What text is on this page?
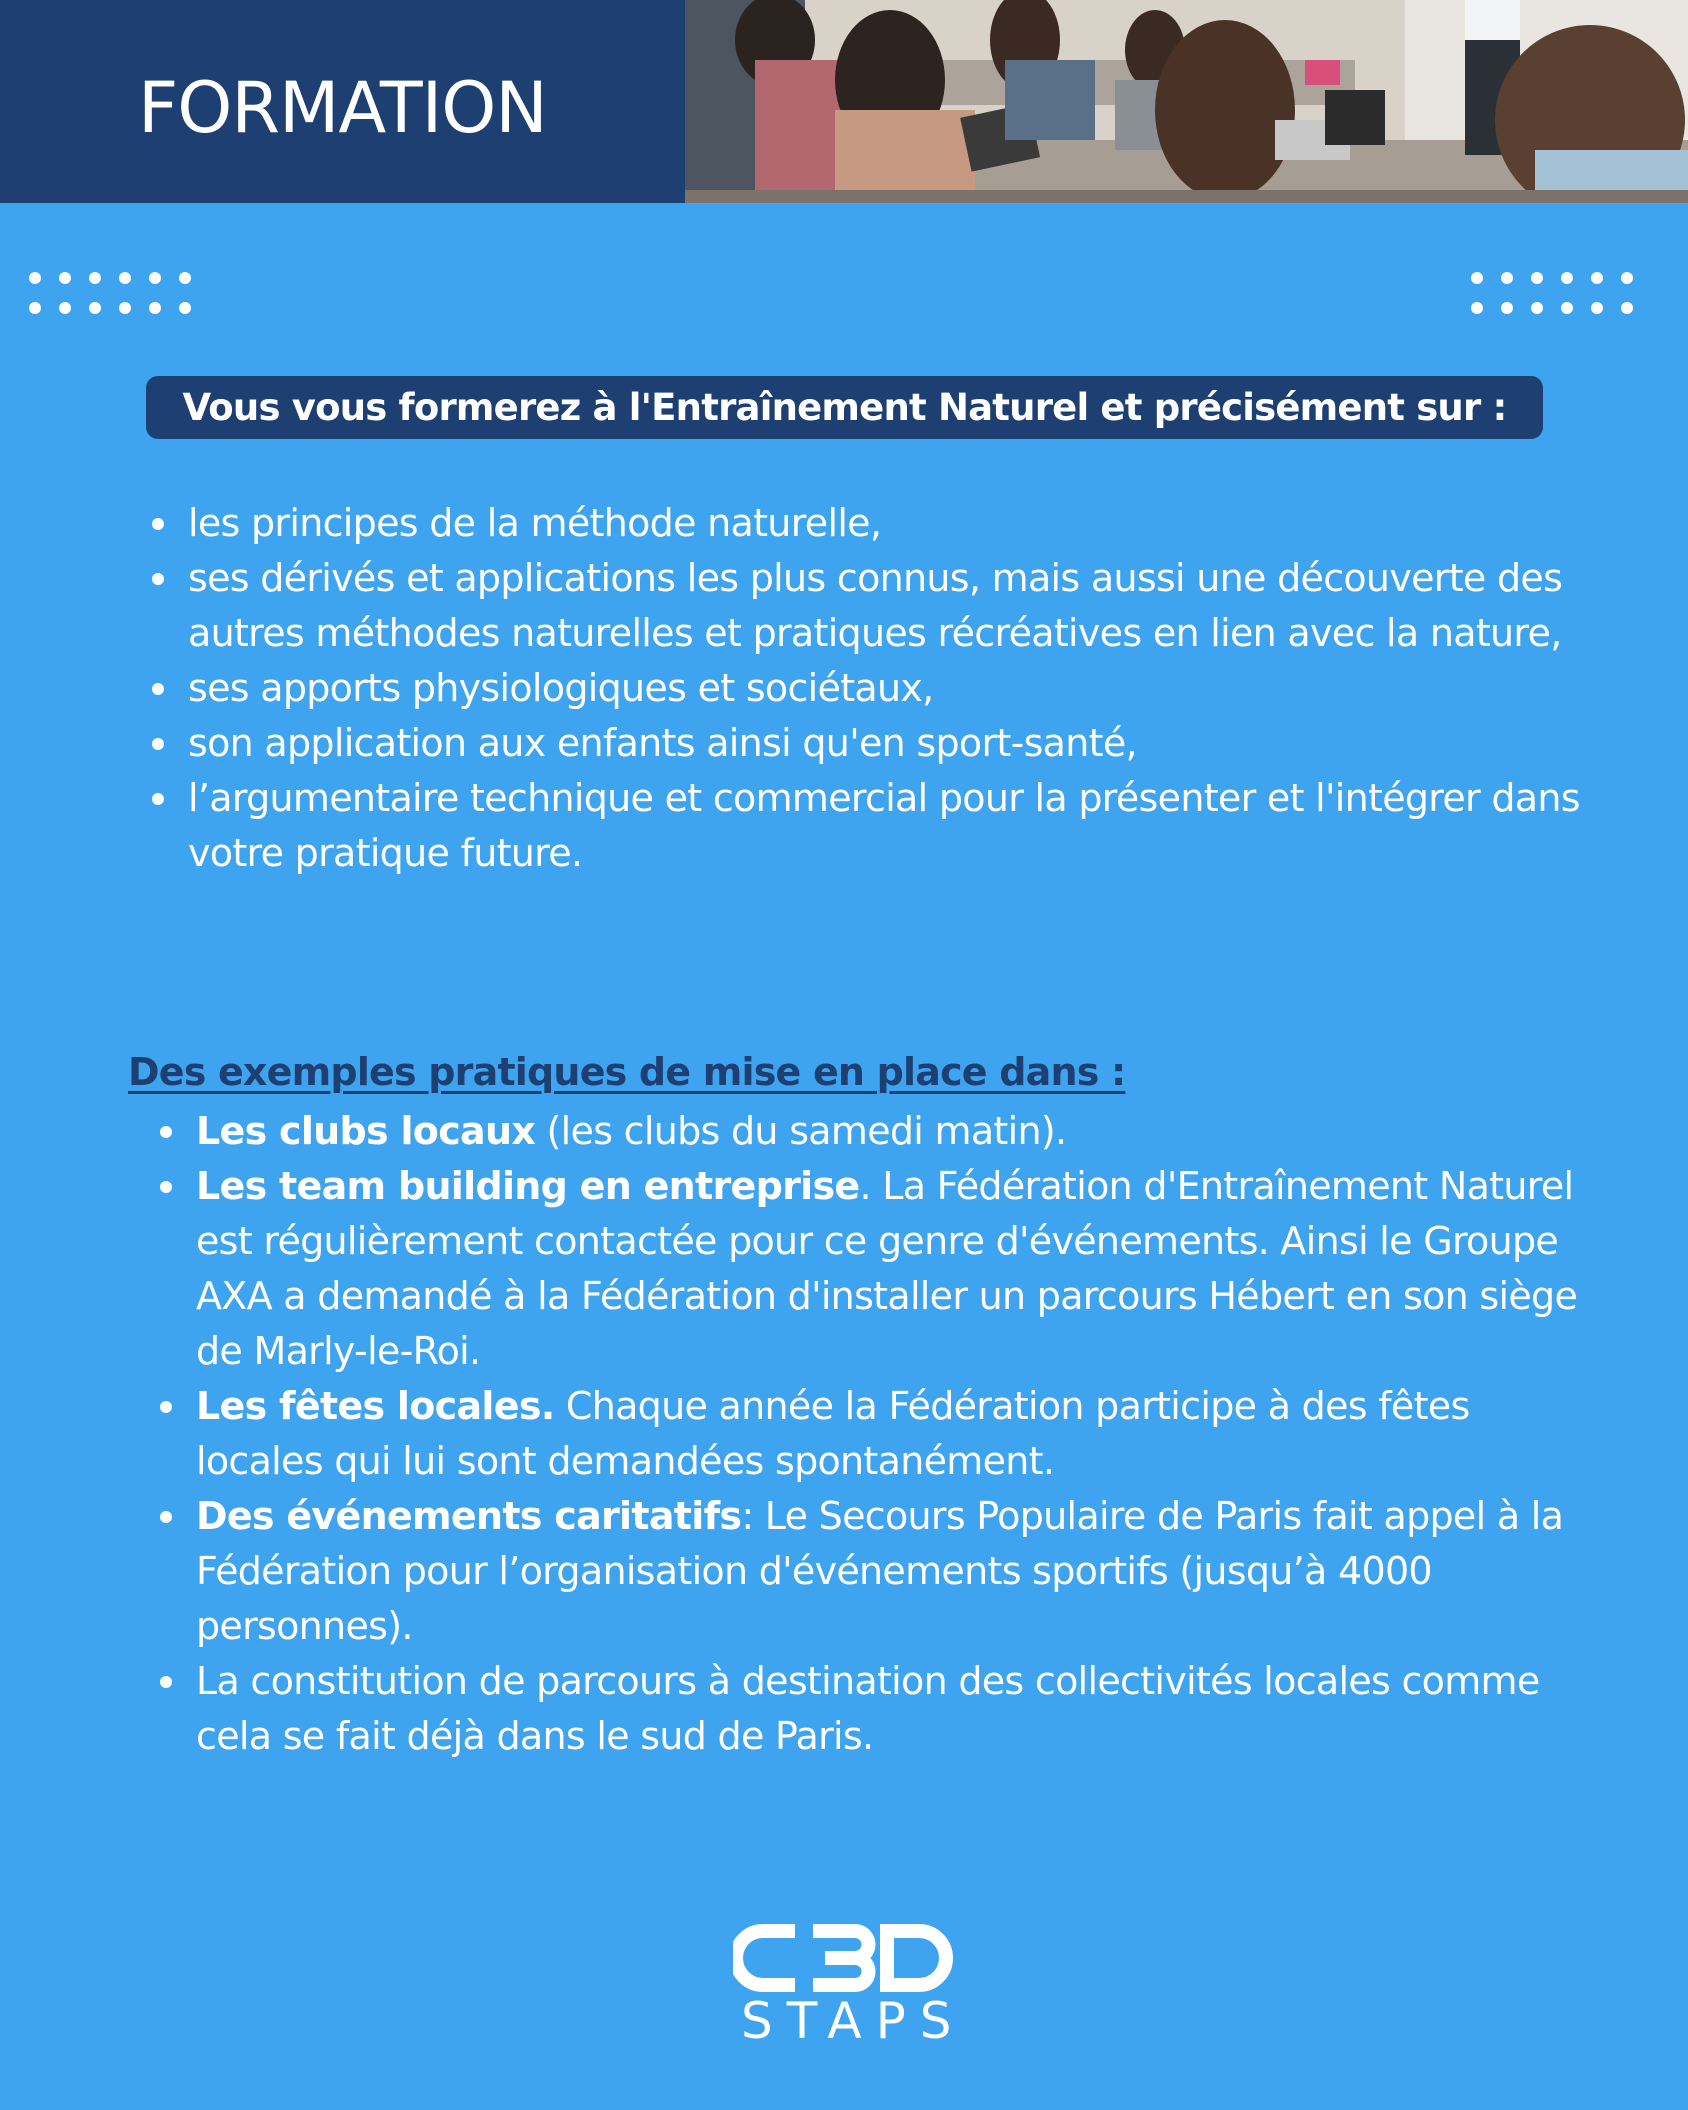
FORMATION
Vous vous formerez à l'Entraînement Naturel et précisément sur :
les principes de la méthode naturelle,
ses dérivés et applications les plus connus, mais aussi une découverte des autres méthodes naturelles et pratiques récréatives en lien avec la nature,
ses apports physiologiques et sociétaux,
son application aux enfants ainsi qu'en sport-santé,
l’argumentaire technique et commercial pour la présenter et l'intégrer dans votre pratique future.
Des exemples pratiques de mise en place dans :
Les clubs locaux (les clubs du samedi matin).
Les team building en entreprise. La Fédération d'Entraînement Naturel est régulièrement contactée pour ce genre d'événements. Ainsi le Groupe AXA a demandé à la Fédération d'installer un parcours Hébert en son siège de Marly-le-Roi.
Les fêtes locales. Chaque année la Fédération participe à des fêtes locales qui lui sont demandées spontanément.
Des événements caritatifs: Le Secours Populaire de Paris fait appel à la Fédération pour l’organisation d'événements sportifs (jusqu’à 4000 personnes).
La constitution de parcours à destination des collectivités locales comme cela se fait déjà dans le sud de Paris.
STAPS
